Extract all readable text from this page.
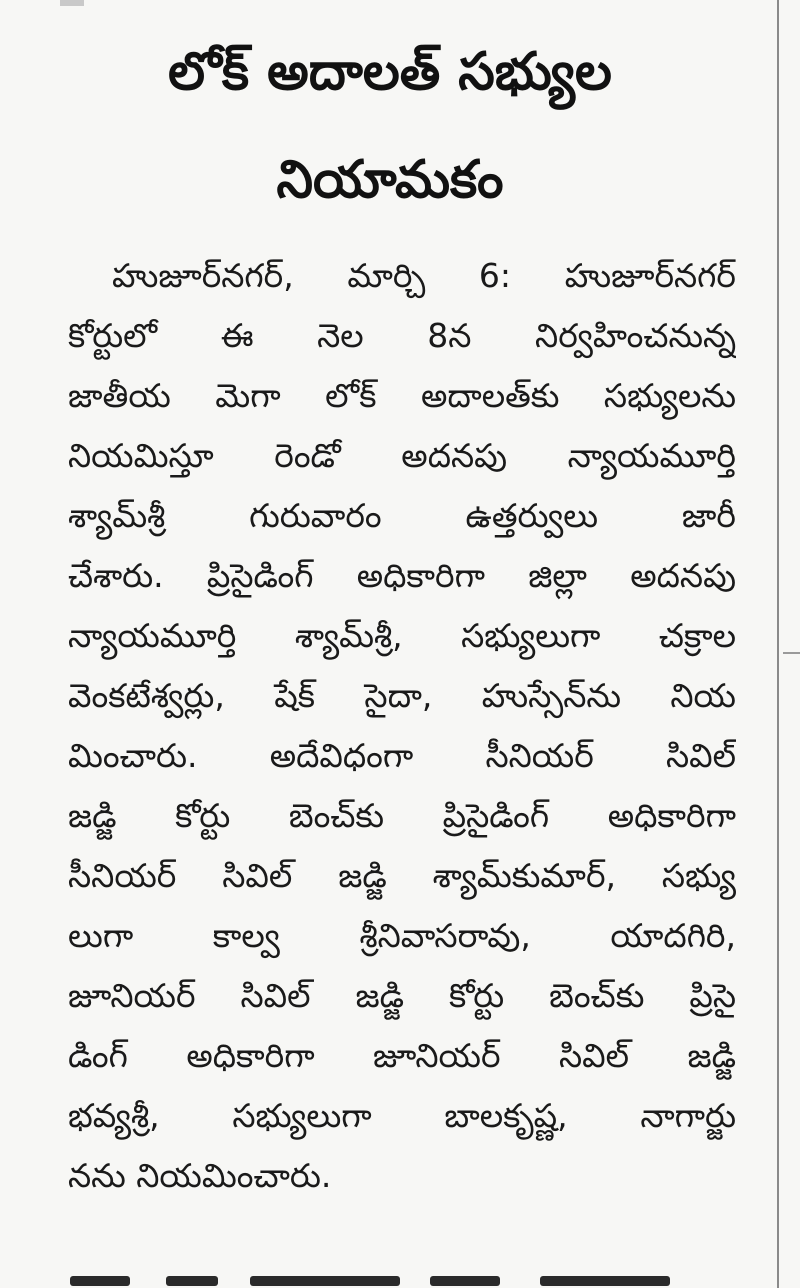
లోక్ అదాలత్ సభ్యుల
నియామకం
హుజూర్‌నగర్, మార్చి 6: హుజూర్‌నగర్
కోర్టులో ఈ నెల 8న నిర్వహించనున్న
జాతీయ మెగా లోక్ అదాలత్‌కు సభ్యులను
నియమిస్తూ రెండో అదనపు న్యాయమూర్తి
శ్యామ్‌శ్రీ గురువారం ఉత్తర్వులు జారీ
చేశారు. ప్రిసైడింగ్ అధికారిగా జిల్లా అదనపు
న్యాయమూర్తి శ్యామ్‌శ్రీ, సభ్యులుగా చక్రాల
వెంకటేశ్వర్లు, షేక్ సైదా, హుస్సేన్‌ను నియ
మించారు. అదేవిధంగా సీనియర్ సివిల్
జడ్జి కోర్టు బెంచ్‌కు ప్రిసైడింగ్ అధికారిగా
సీనియర్ సివిల్ జడ్జి శ్యామ్‌కుమార్, సభ్యు
లుగా కాల్వ శ్రీనివాసరావు, యాదగిరి,
జూనియర్ సివిల్ జడ్జి కోర్టు బెంచ్‌కు ప్రిసై
డింగ్ అధికారిగా జూనియర్ సివిల్ జడ్జి
భవ్యశ్రీ, సభ్యులుగా బాలకృష్ణ, నాగార్జు
నను నియమించారు.
